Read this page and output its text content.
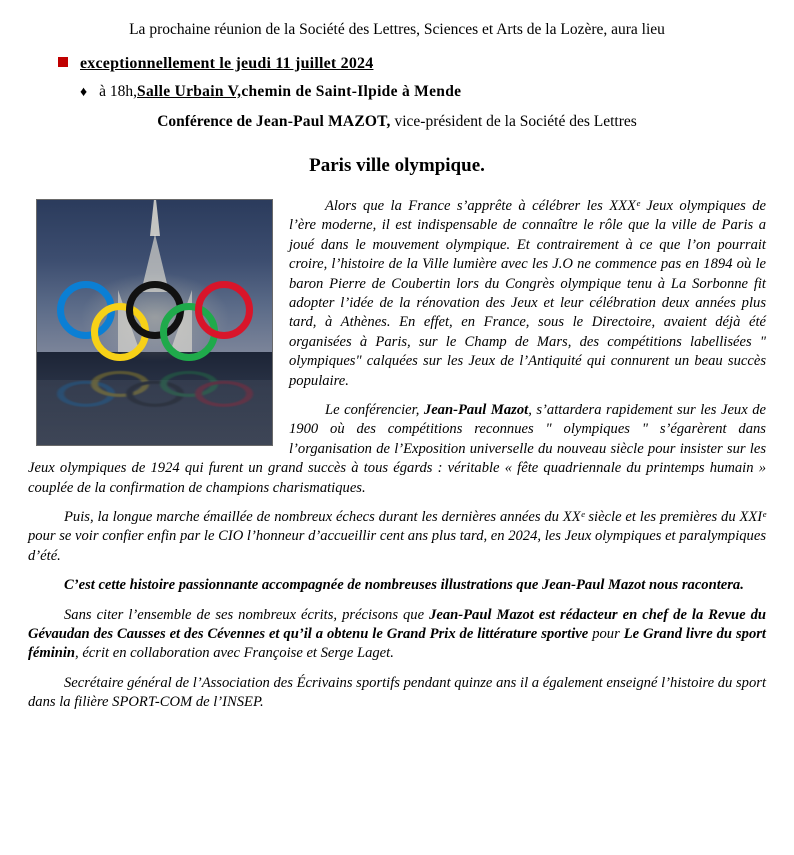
La prochaine réunion de la Société des Lettres, Sciences et Arts de la Lozère, aura lieu
exceptionnellement le jeudi 11 juillet 2024
♦ à 18h, Salle Urbain V, chemin de Saint-Ilpide à Mende
Conférence de Jean-Paul MAZOT, vice-président de la Société des Lettres
Paris ville olympique.

Alors que la France s’apprête à célébrer les XXXᵉ Jeux olympiques de l’ère moderne, il est indispensable de connaître le rôle que la ville de Paris a joué dans le mouvement olympique. Et contrairement à ce que l’on pourrait croire, l’histoire de la Ville lumière avec les J.O ne commence pas en 1894 où le baron Pierre de Coubertin lors du Congrès olympique tenu à La Sorbonne fit adopter l’idée de la rénovation des Jeux et leur célébration deux années plus tard, à Athènes. En effet, en France, sous le Directoire, avaient déjà été organisées à Paris, sur le Champ de Mars, des compétitions labellisées " olympiques" calquées sur les Jeux de l’Antiquité qui connurent un beau succès populaire.

Le conférencier, Jean-Paul Mazot, s’attardera rapidement sur les Jeux de 1900 où des compétitions reconnues " olympiques " s’égarèrent dans l’organisation de l’Exposition universelle du nouveau siècle pour insister sur les Jeux olympiques de 1924 qui furent un grand succès à tous égards : véritable « fête quadriennale du printemps humain » couplée de la confirmation de champions charismatiques.

Puis, la longue marche émaillée de nombreux échecs durant les dernières années du XXᵉ siècle et les premières du XXIᵉ pour se voir confier enfin par le CIO l’honneur d’accueillir cent ans plus tard, en 2024, les Jeux olympiques et paralympiques d’été.

C’est cette histoire passionnante accompagnée de nombreuses illustrations que Jean-Paul Mazot nous racontera.

Sans citer l’ensemble de ses nombreux écrits, précisons que Jean-Paul Mazot est rédacteur en chef de la Revue du Gévaudan des Causses et des Cévennes et qu’il a obtenu le Grand Prix de littérature sportive pour Le Grand livre du sport féminin, écrit en collaboration avec Françoise et Serge Laget.

Secrétaire général de l’Association des Écrivains sportifs pendant quinze ans il a également enseigné l’histoire du sport dans la filière SPORT-COM de l’INSEP.
